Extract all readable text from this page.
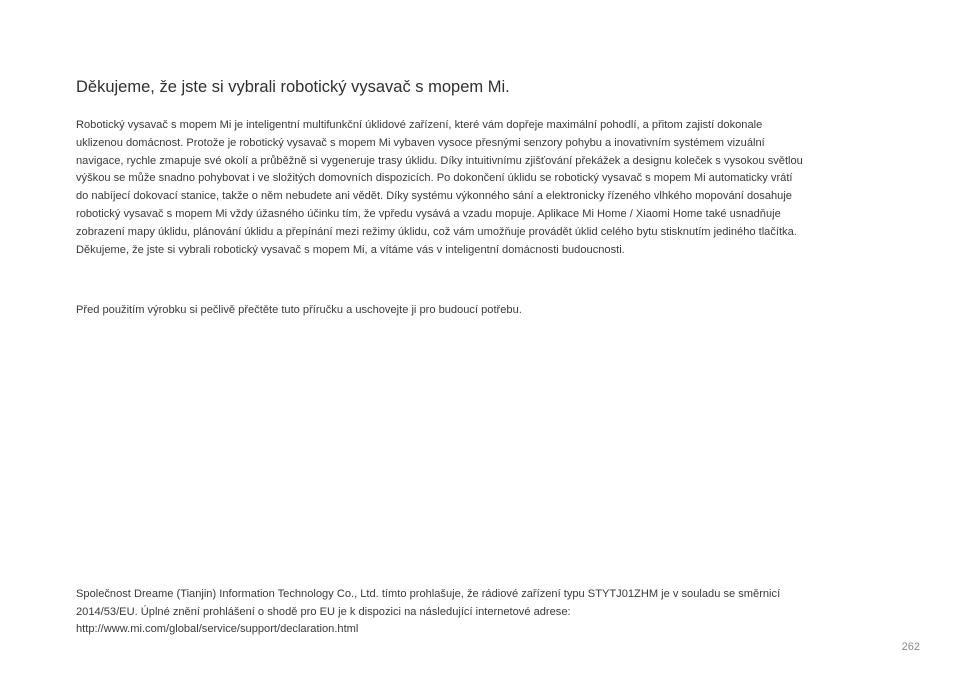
Děkujeme, že jste si vybrali robotický vysavač s mopem Mi.

Robotický vysavač s mopem Mi je inteligentní multifunkční úklidové zařízení, které vám dopřeje maximální pohodlí, a přitom zajistí dokonale
uklizenou domácnost. Protože je robotický vysavač s mopem Mi vybaven vysoce přesnými senzory pohybu a inovativním systémem vizuální
navigace, rychle zmapuje své okolí a průběžně si vygeneruje trasy úklidu. Díky intuitivnímu zjišťování překážek a designu koleček s vysokou světlou
výškou se může snadno pohybovat i ve složitých domovních dispozicích. Po dokončení úklidu se robotický vysavač s mopem Mi automaticky vrátí
do nabíjecí dokovací stanice, takže o něm nebudete ani vědět. Díky systému výkonného sání a elektronicky řízeného vlhkého mopování dosahuje
robotický vysavač s mopem Mi vždy úžasného účinku tím, že vpředu vysává a vzadu mopuje. Aplikace Mi Home / Xiaomi Home také usnadňuje
zobrazení mapy úklidu, plánování úklidu a přepínání mezi režimy úklidu, což vám umožňuje provádět úklid celého bytu stisknutím jediného tlačítka.
Děkujeme, že jste si vybrali robotický vysavač s mopem Mi, a vítáme vás v inteligentní domácnosti budoucnosti.

Před použitím výrobku si pečlivě přečtěte tuto příručku a uschovejte ji pro budoucí potřebu.

Společnost Dreame (Tianjin) Information Technology Co., Ltd. tímto prohlašuje, že rádiové zařízení typu STYTJ01ZHM je v souladu se směrnicí
2014/53/EU. Úplné znění prohlášení o shodě pro EU je k dispozici na následující internetové adrese:
http://www.mi.com/global/service/support/declaration.html

262
